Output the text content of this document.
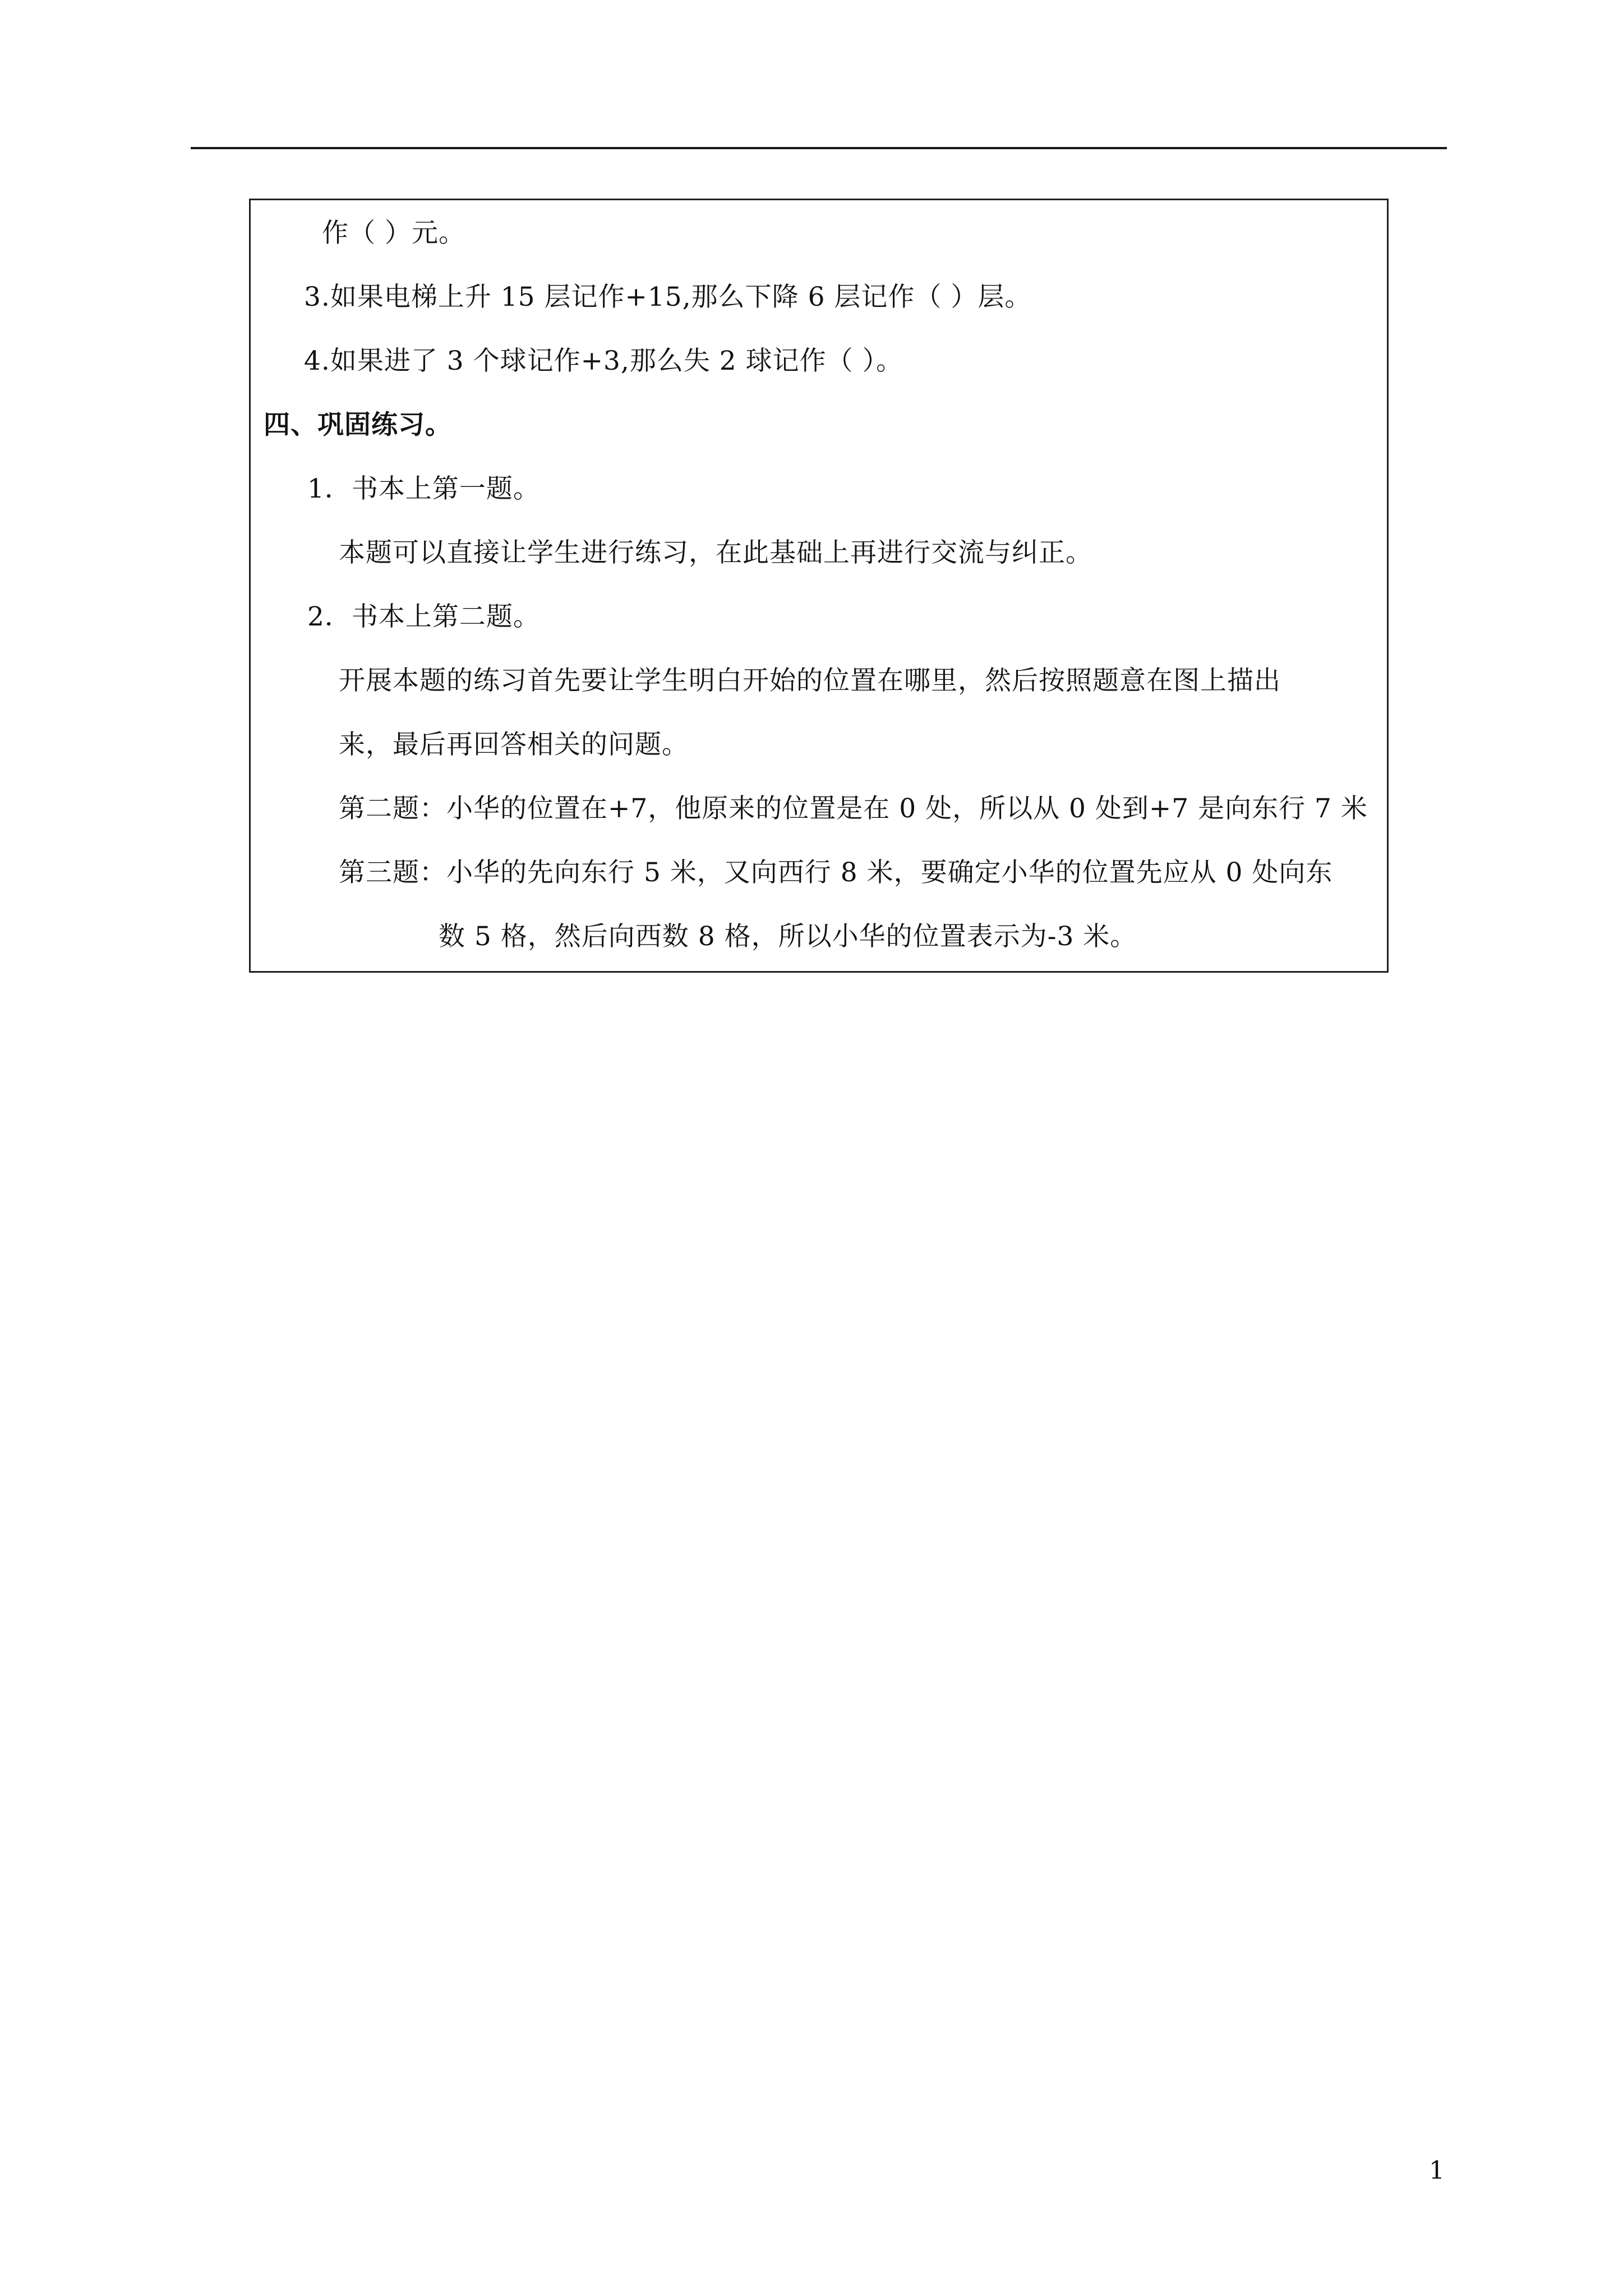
作（ ）元。
3.如果电梯上升 15 层记作+15,那么下降 6 层记作（ ）层。
4.如果进了 3 个球记作+3,那么失 2 球记作（ ）。
四、巩固练习。
1．书本上第一题。
本题可以直接让学生进行练习，在此基础上再进行交流与纠正。
2．书本上第二题。
开展本题的练习首先要让学生明白开始的位置在哪里，然后按照题意在图上描出
来，最后再回答相关的问题。
第二题：小华的位置在+7，他原来的位置是在 0 处，所以从 0 处到+7 是向东行 7 米
第三题：小华的先向东行 5 米，又向西行 8 米，要确定小华的位置先应从 0 处向东
数 5 格，然后向西数 8 格，所以小华的位置表示为-3 米。
1
